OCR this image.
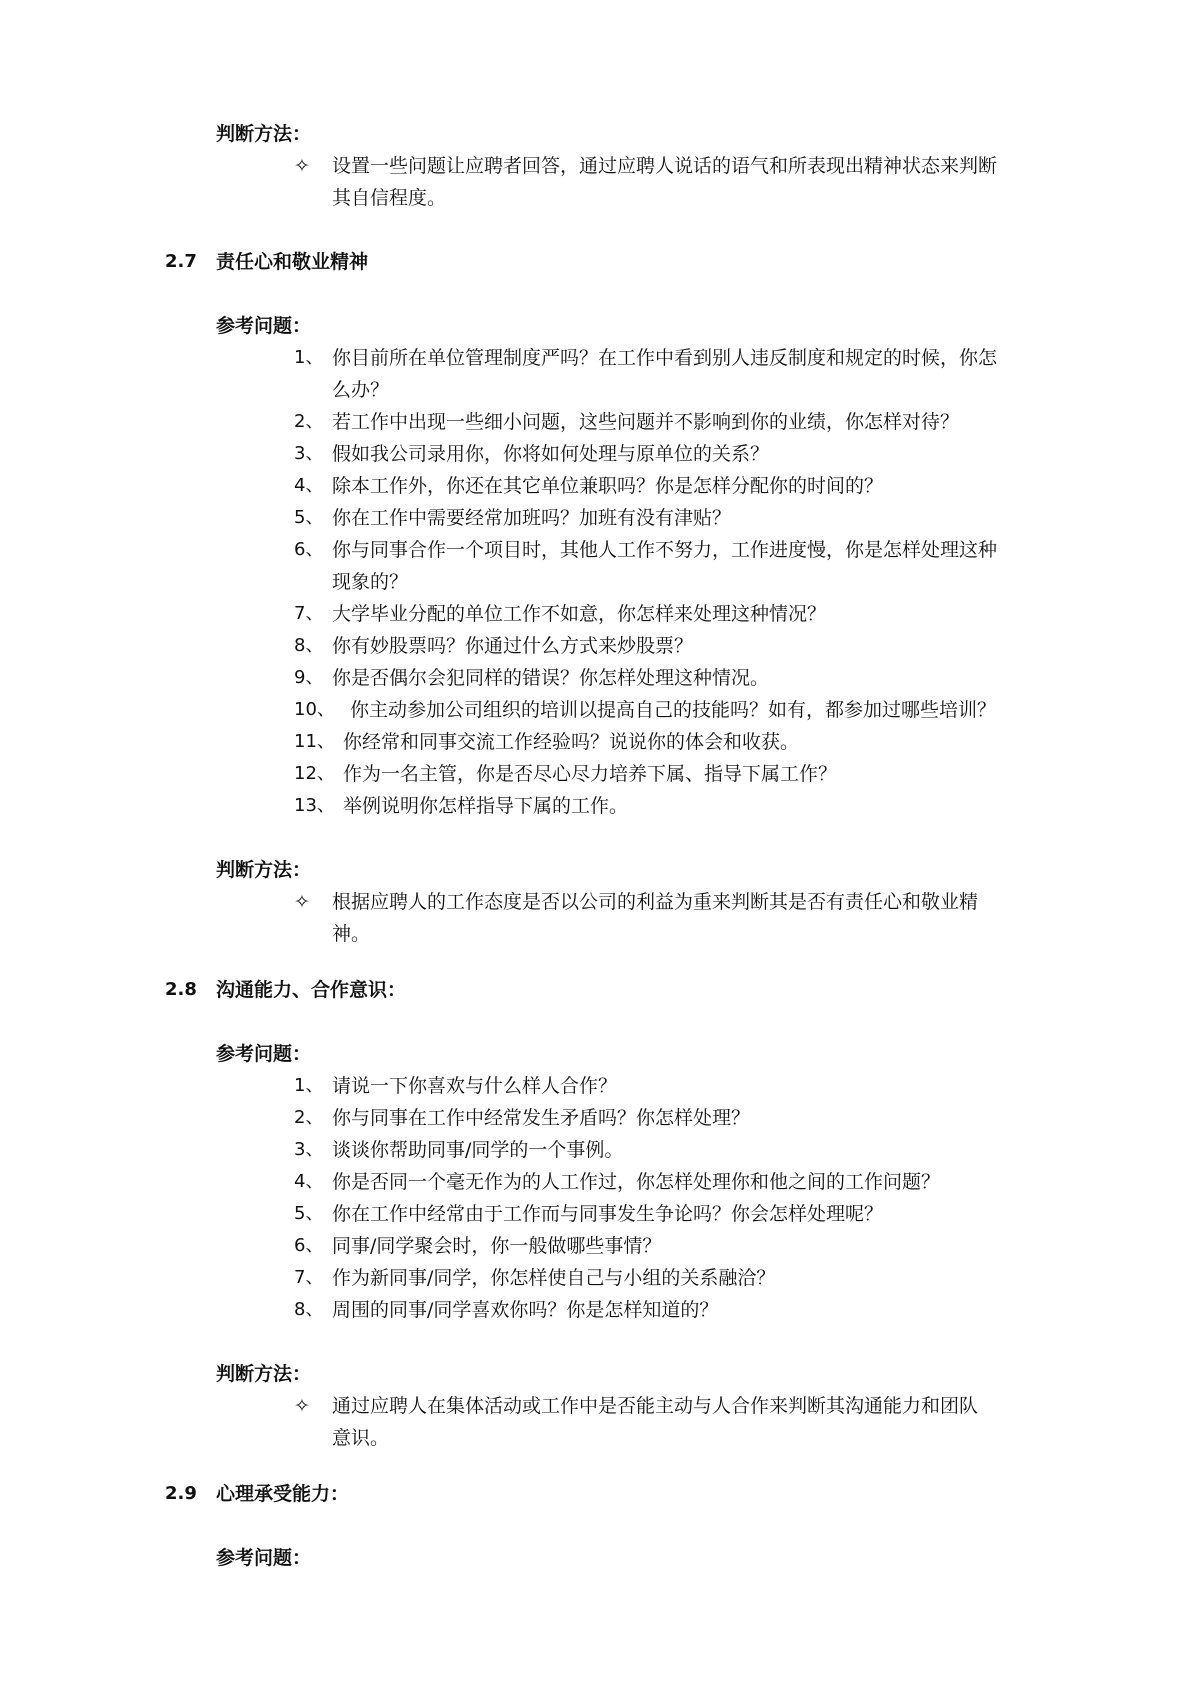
判断方法：
✧ 设置一些问题让应聘者回答，通过应聘人说话的语气和所表现出精神状态来判断
其自信程度。
2.7 责任心和敬业精神
参考问题：
1、 你目前所在单位管理制度严吗？在工作中看到别人违反制度和规定的时候，你怎
么办？
2、 若工作中出现一些细小问题，这些问题并不影响到你的业绩，你怎样对待？
3、 假如我公司录用你，你将如何处理与原单位的关系？
4、 除本工作外，你还在其它单位兼职吗？你是怎样分配你的时间的？
5、 你在工作中需要经常加班吗？加班有没有津贴？
6、 你与同事合作一个项目时，其他人工作不努力，工作进度慢，你是怎样处理这种
现象的？
7、 大学毕业分配的单位工作不如意，你怎样来处理这种情况？
8、 你有妙股票吗？你通过什么方式来炒股票？
9、 你是否偶尔会犯同样的错误？你怎样处理这种情况。
10、 你主动参加公司组织的培训以提高自己的技能吗？如有，都参加过哪些培训？
11、 你经常和同事交流工作经验吗？说说你的体会和收获。
12、 作为一名主管，你是否尽心尽力培养下属、指导下属工作？
13、 举例说明你怎样指导下属的工作。
判断方法：
✧ 根据应聘人的工作态度是否以公司的利益为重来判断其是否有责任心和敬业精
神。
2.8 沟通能力、合作意识：
参考问题：
1、 请说一下你喜欢与什么样人合作？
2、 你与同事在工作中经常发生矛盾吗？你怎样处理？
3、 谈谈你帮助同事/同学的一个事例。
4、 你是否同一个毫无作为的人工作过，你怎样处理你和他之间的工作问题？
5、 你在工作中经常由于工作而与同事发生争论吗？你会怎样处理呢？
6、 同事/同学聚会时，你一般做哪些事情？
7、 作为新同事/同学，你怎样使自己与小组的关系融洽？
8、 周围的同事/同学喜欢你吗？你是怎样知道的？
判断方法：
✧ 通过应聘人在集体活动或工作中是否能主动与人合作来判断其沟通能力和团队
意识。
2.9 心理承受能力：
参考问题：
